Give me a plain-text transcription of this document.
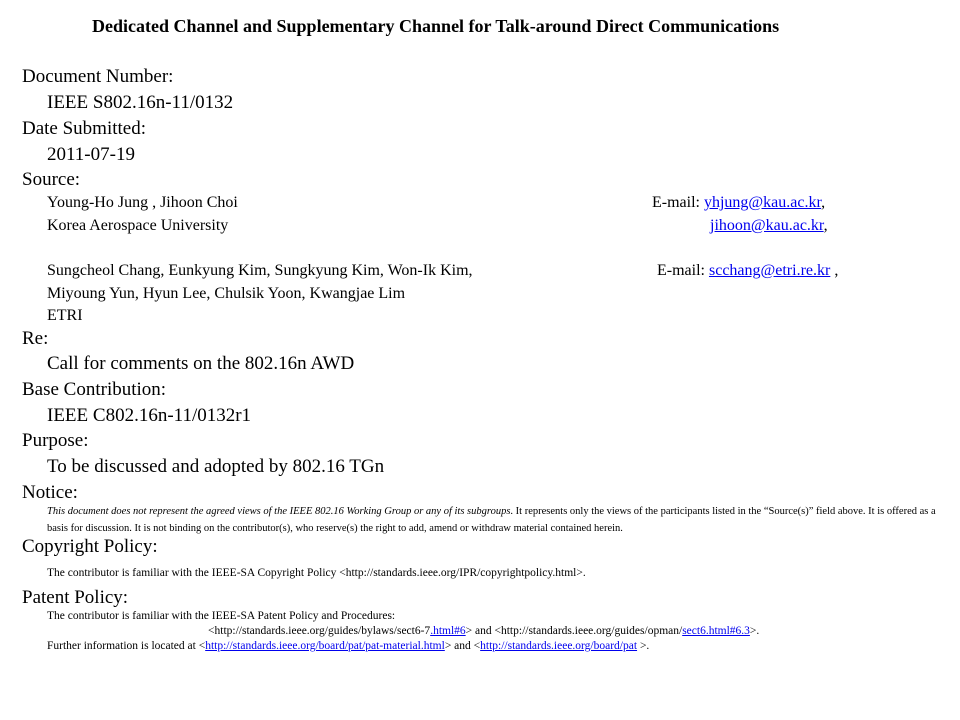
Dedicated Channel and Supplementary Channel for Talk-around Direct Communications
Document Number:
IEEE S802.16n-11/0132
Date Submitted:
2011-07-19
Source:
Young-Ho Jung , Jihoon Choi
Korea Aerospace University
E-mail: yhjung@kau.ac.kr,
jihoon@kau.ac.kr,
Sungcheol Chang, Eunkyung Kim, Sungkyung Kim, Won-Ik Kim,
Miyoung Yun, Hyun Lee, Chulsik Yoon, Kwangjae Lim
ETRI
E-mail: scchang@etri.re.kr ,
Re:
Call for comments on the 802.16n AWD
Base Contribution:
IEEE C802.16n-11/0132r1
Purpose:
To be discussed and adopted by 802.16 TGn
Notice:
This document does not represent the agreed views of the IEEE 802.16 Working Group or any of its subgroups. It represents only the views of the participants listed in the “Source(s)” field above. It is offered as a basis for discussion. It is not binding on the contributor(s), who reserve(s) the right to add, amend or withdraw material contained herein.
Copyright Policy:
The contributor is familiar with the IEEE-SA Copyright Policy <http://standards.ieee.org/IPR/copyrightpolicy.html>.
Patent Policy:
The contributor is familiar with the IEEE-SA Patent Policy and Procedures:
<http://standards.ieee.org/guides/bylaws/sect6-7.html#6> and <http://standards.ieee.org/guides/opman/sect6.html#6.3>.
Further information is located at <http://standards.ieee.org/board/pat/pat-material.html> and <http://standards.ieee.org/board/pat >.
